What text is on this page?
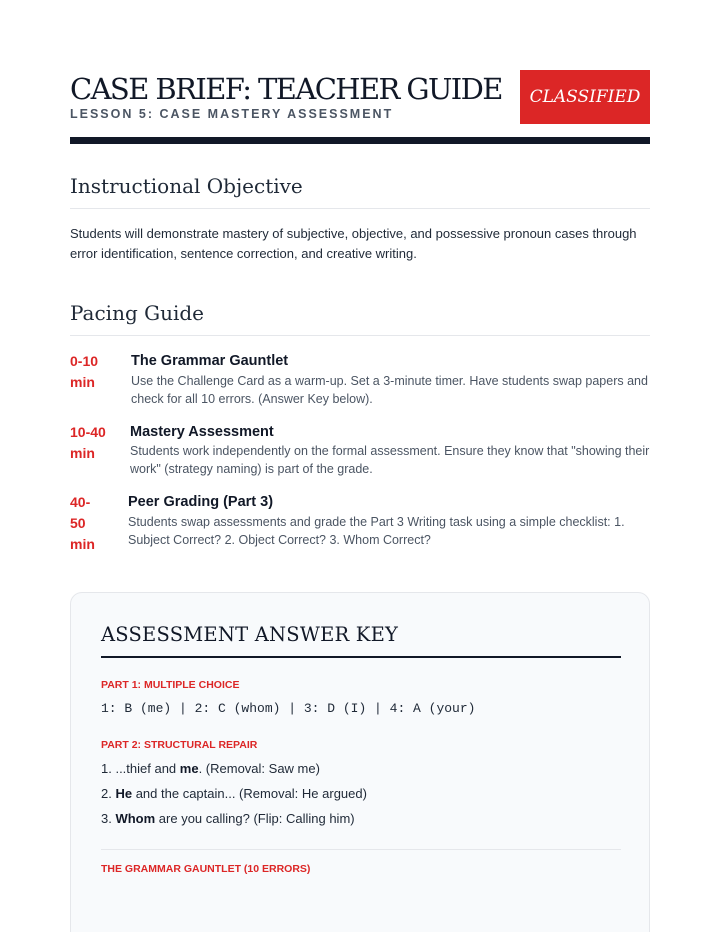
CASE BRIEF: TEACHER GUIDE
LESSON 5: CASE MASTERY ASSESSMENT
CLASSIFIED
Instructional Objective
Students will demonstrate mastery of subjective, objective, and possessive pronoun cases through error identification, sentence correction, and creative writing.
Pacing Guide
0-10
min
The Grammar Gauntlet
Use the Challenge Card as a warm-up. Set a 3-minute timer. Have students swap papers and check for all 10 errors. (Answer Key below).
10-40
min
Mastery Assessment
Students work independently on the formal assessment. Ensure they know that "showing their work" (strategy naming) is part of the grade.
40-
50
min
Peer Grading (Part 3)
Students swap assessments and grade the Part 3 Writing task using a simple checklist: 1. Subject Correct? 2. Object Correct? 3. Whom Correct?
ASSESSMENT ANSWER KEY
PART 1: MULTIPLE CHOICE
1: B (me) | 2: C (whom) | 3: D (I) | 4: A (your)
PART 2: STRUCTURAL REPAIR
1. ...thief and me. (Removal: Saw me)
2. He and the captain... (Removal: He argued)
3. Whom are you calling? (Flip: Calling him)
THE GRAMMAR GAUNTLET (10 ERRORS)
